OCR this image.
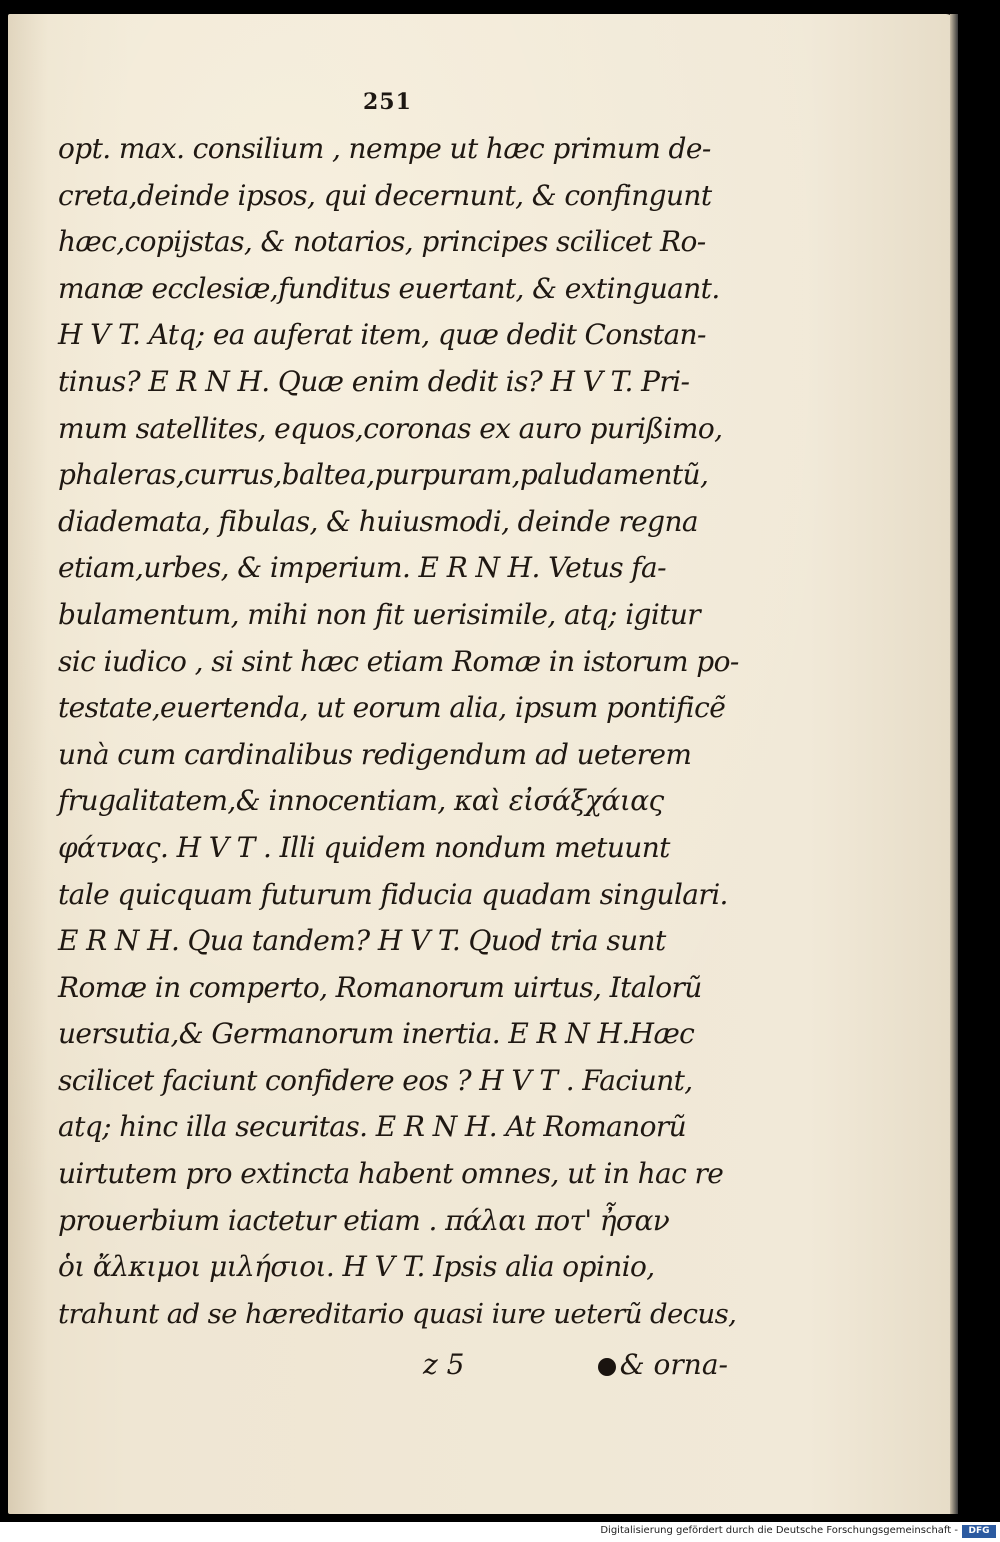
251
opt. max. consilium , nempe ut hæc primum de-
creta,deinde ipsos, qui decernunt, & confingunt
hæc,copijstas, & notarios, principes scilicet Ro-
manæ ecclesiæ,funditus euertant, & extinguant.
H V T. Atq; ea auferat item, quæ dedit Constan-
tinus? E R N H. Quæ enim dedit is? H V T. Pri-
mum satellites, equos,coronas ex auro purißimo,
phaleras,currus,baltea,purpuram,paludamentũ,
diademata, fibulas, & huiusmodi, deinde regna
etiam,urbes, & imperium. E R N H. Vetus fa-
bulamentum, mihi non fit uerisimile, atq; igitur
sic iudico , si sint hæc etiam Romæ in istorum po-
testate,euertenda, ut eorum alia, ipsum pontificẽ
unà cum cardinalibus redigendum ad ueterem
frugalitatem,& innocentiam, καὶ εἰσάξχάιας
φάτνας. H V T . Illi quidem nondum metuunt
tale quicquam futurum fiducia quadam singulari.
E R N H. Qua tandem? H V T. Quod tria sunt
Romæ in comperto, Romanorum uirtus, Italorũ
uersutia,& Germanorum inertia. E R N H.Hæc
scilicet faciunt confidere eos ? H V T . Faciunt,
atq; hinc illa securitas. E R N H. At Romanorũ
uirtutem pro extincta habent omnes, ut in hac re
prouerbium iactetur etiam . πάλαι ποτ' ἦσαν
ὁι ἄλκιμοι μιλήσιοι. H V T. Ipsis alia opinio,
trahunt ad se hæreditario quasi iure ueterũ decus,
z 5	& orna-
Digitalisierung gefördert durch die Deutsche Forschungsgemeinschaft -	DFG
